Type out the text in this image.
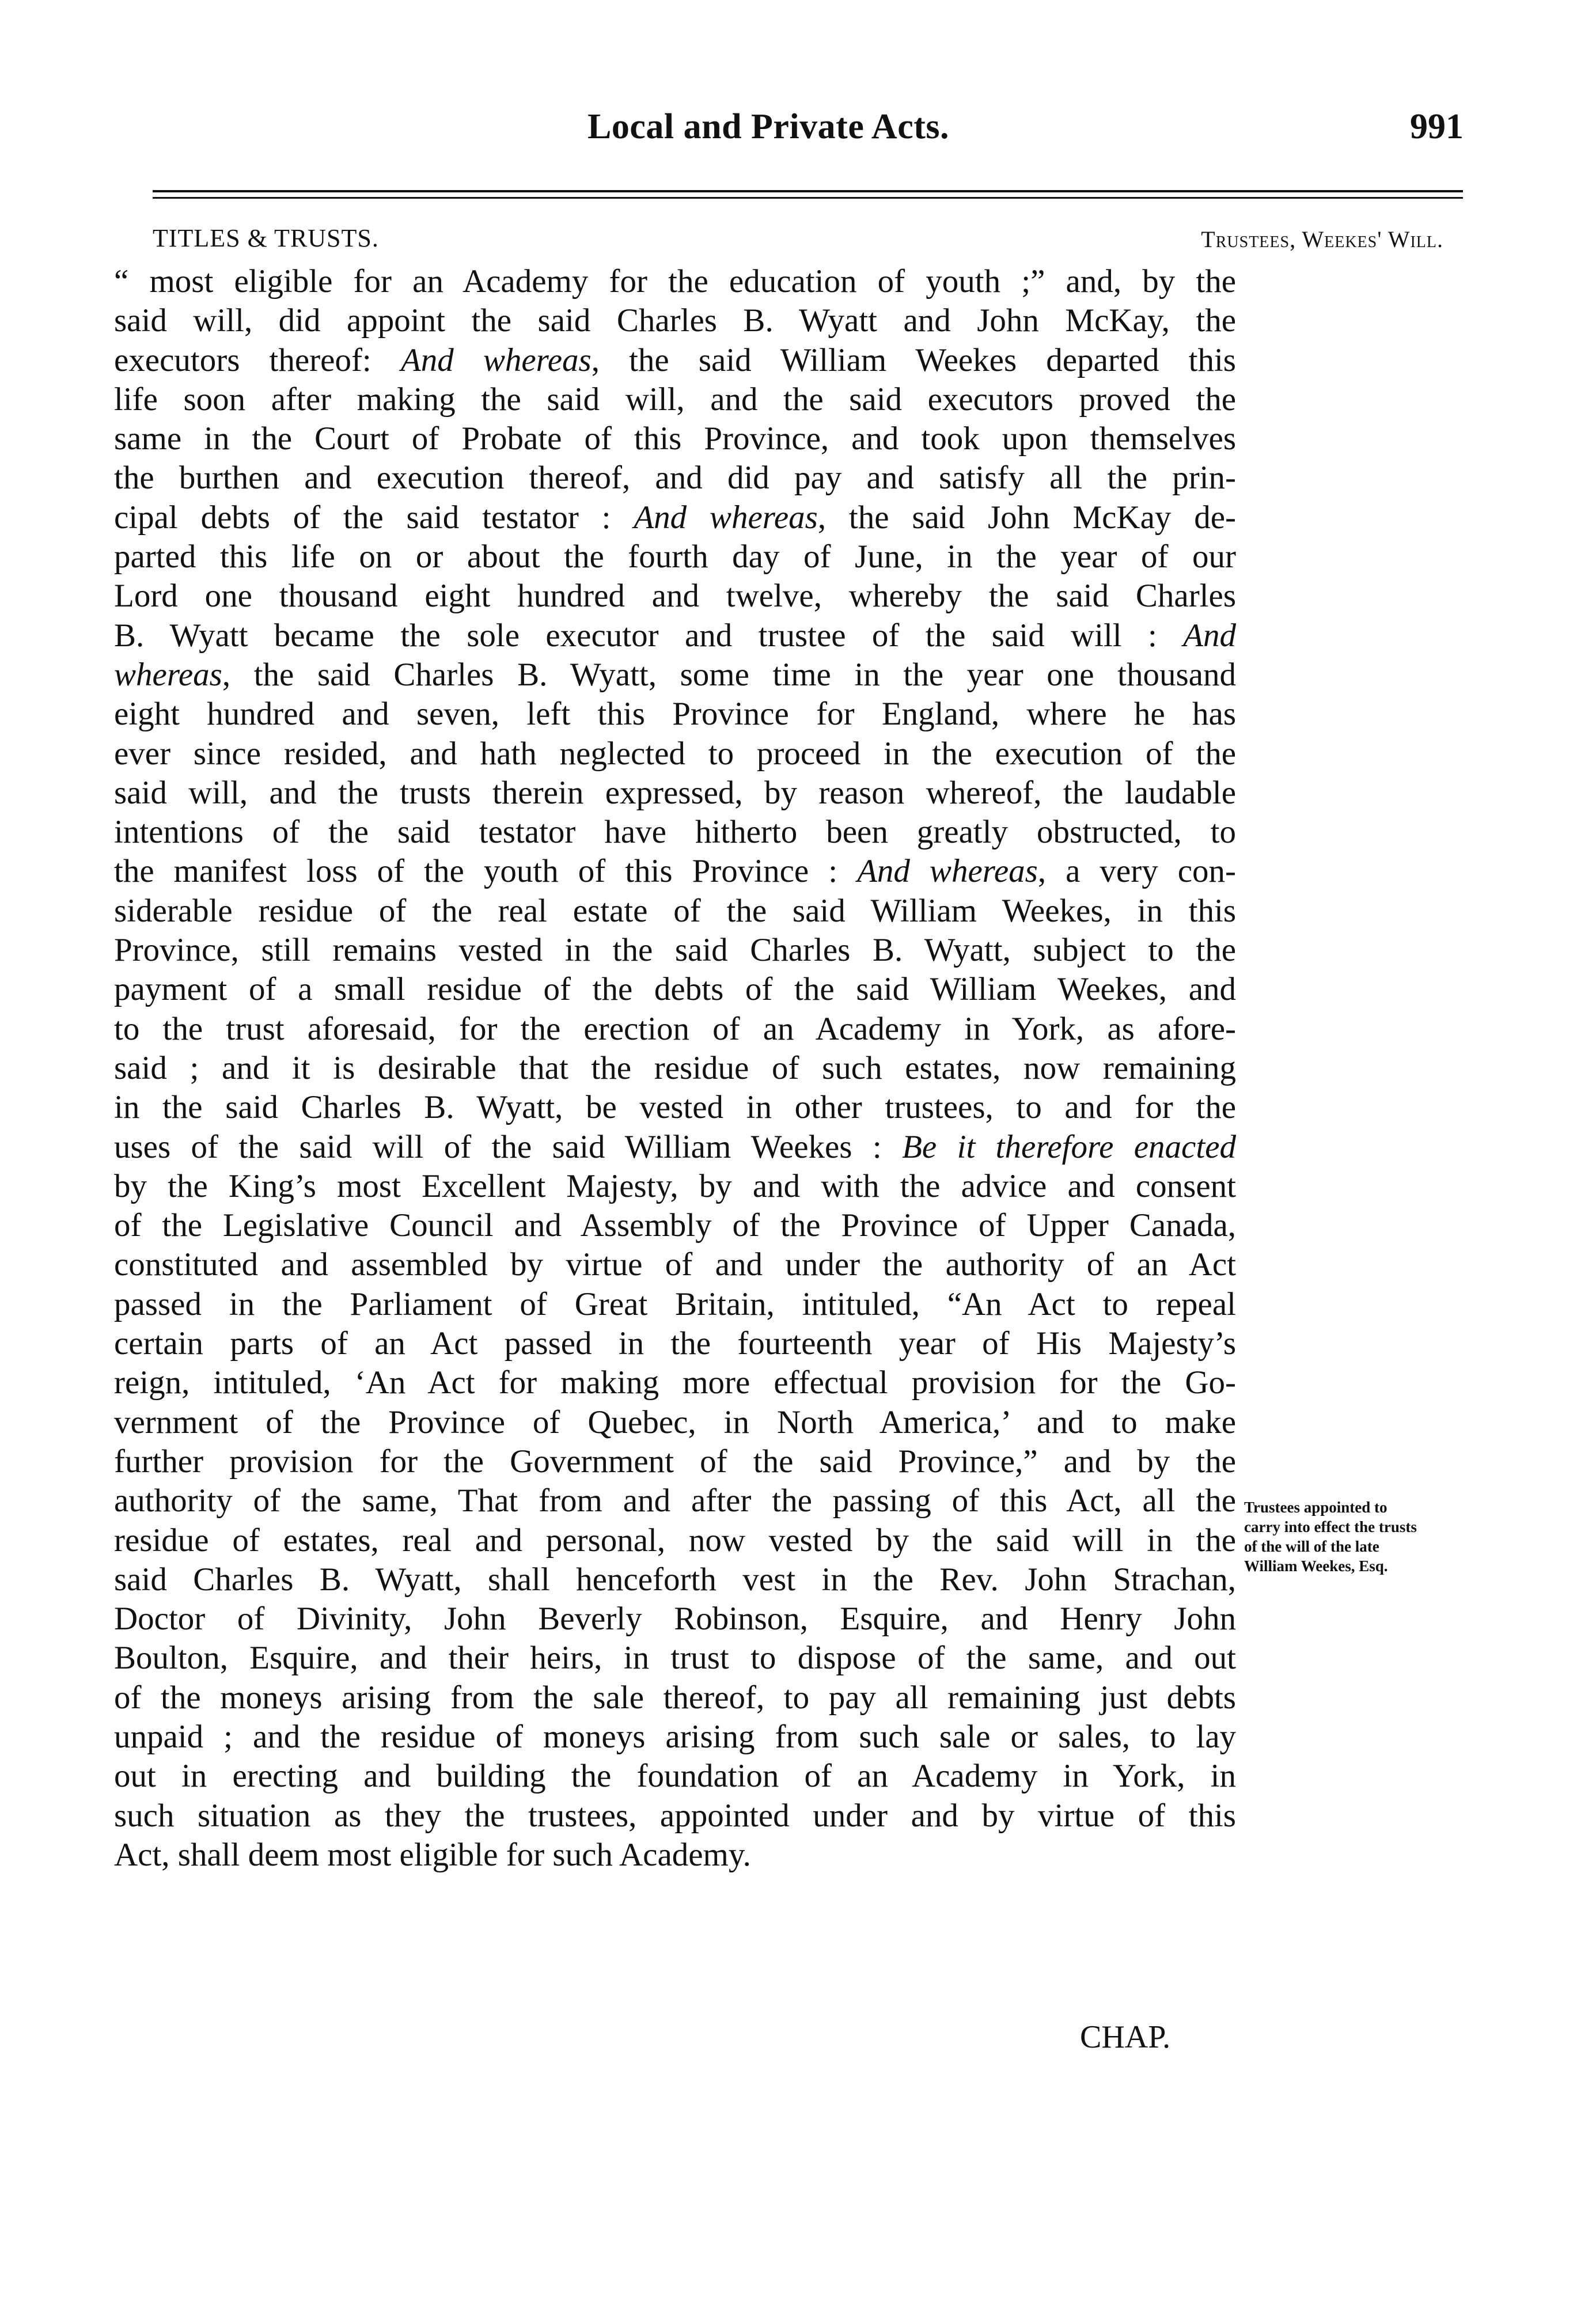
Local and Private Acts.	991
TITLES & TRUSTS.	Trustees, Weekes' Will.
“ most eligible for an Academy for the education of youth ;” and, by the
said will, did appoint the said Charles B. Wyatt and John McKay, the
executors thereof: And whereas, the said William Weekes departed this
life soon after making the said will, and the said executors proved the
same in the Court of Probate of this Province, and took upon themselves
the burthen and execution thereof, and did pay and satisfy all the prin-
cipal debts of the said testator : And whereas, the said John McKay de-
parted this life on or about the fourth day of June, in the year of our
Lord one thousand eight hundred and twelve, whereby the said Charles
B. Wyatt became the sole executor and trustee of the said will : And
whereas, the said Charles B. Wyatt, some time in the year one thousand
eight hundred and seven, left this Province for England, where he has
ever since resided, and hath neglected to proceed in the execution of the
said will, and the trusts therein expressed, by reason whereof, the laudable
intentions of the said testator have hitherto been greatly obstructed, to
the manifest loss of the youth of this Province : And whereas, a very con-
siderable residue of the real estate of the said William Weekes, in this
Province, still remains vested in the said Charles B. Wyatt, subject to the
payment of a small residue of the debts of the said William Weekes, and
to the trust aforesaid, for the erection of an Academy in York, as afore-
said ; and it is desirable that the residue of such estates, now remaining
in the said Charles B. Wyatt, be vested in other trustees, to and for the
uses of the said will of the said William Weekes : Be it therefore enacted
by the King’s most Excellent Majesty, by and with the advice and consent
of the Legislative Council and Assembly of the Province of Upper Canada,
constituted and assembled by virtue of and under the authority of an Act
passed in the Parliament of Great Britain, intituled, “An Act to repeal
certain parts of an Act passed in the fourteenth year of His Majesty’s
reign, intituled, ‘An Act for making more effectual provision for the Go-
vernment of the Province of Quebec, in North America,’ and to make
further provision for the Government of the said Province,” and by the
authority of the same, That from and after the passing of this Act, all the
residue of estates, real and personal, now vested by the said will in the
said Charles B. Wyatt, shall henceforth vest in the Rev. John Strachan,
Doctor of Divinity, John Beverly Robinson, Esquire, and Henry John
Boulton, Esquire, and their heirs, in trust to dispose of the same, and out
of the moneys arising from the sale thereof, to pay all remaining just debts
unpaid ; and the residue of moneys arising from such sale or sales, to lay
out in erecting and building the foundation of an Academy in York, in
such situation as they the trustees, appointed under and by virtue of this
Act, shall deem most eligible for such Academy.
Trustees appointed to
carry into effect the trusts
of the will of the late
William Weekes, Esq.
CHAP.
